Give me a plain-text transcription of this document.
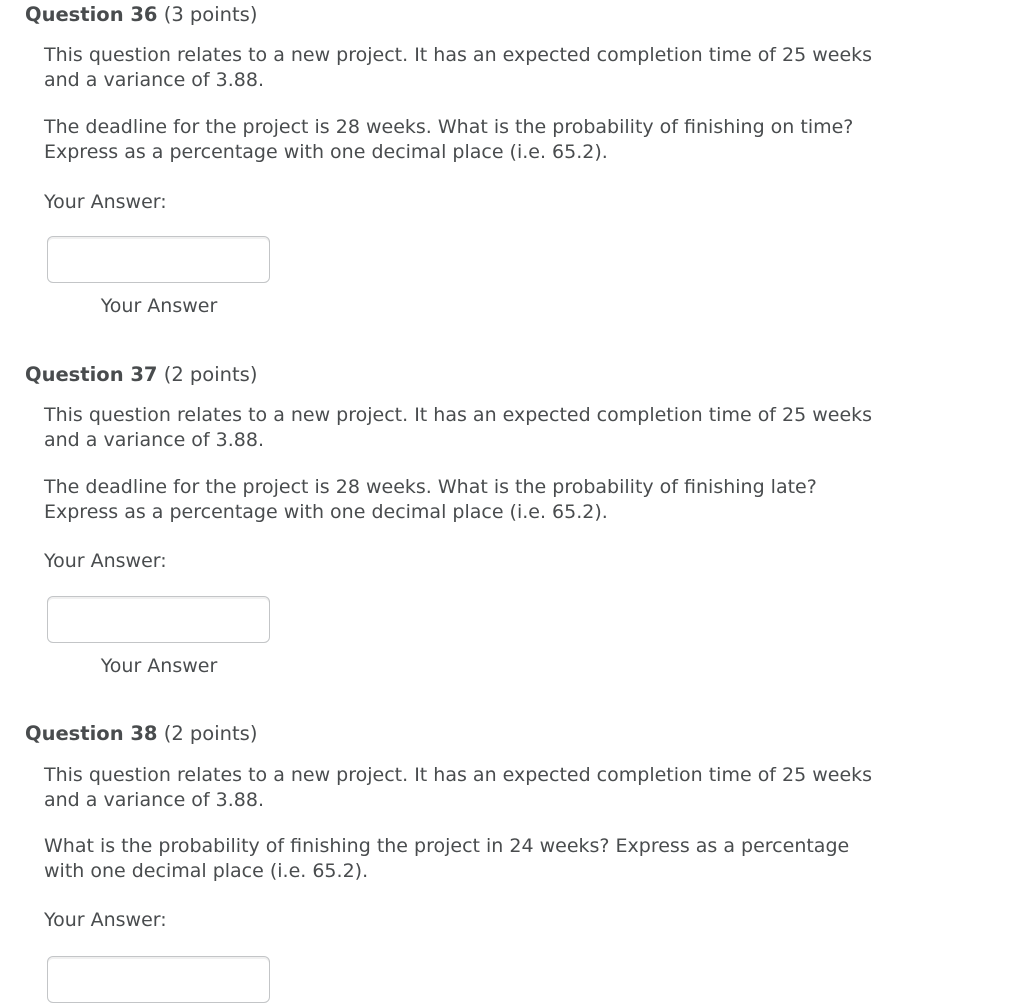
Question 36 (3 points)

This question relates to a new project. It has an expected completion time of 25 weeks and a variance of 3.88.

The deadline for the project is 28 weeks. What is the probability of finishing on time? Express as a percentage with one decimal place (i.e. 65.2).

Your Answer:
Your Answer
Question 37 (2 points)

This question relates to a new project. It has an expected completion time of 25 weeks and a variance of 3.88.

The deadline for the project is 28 weeks. What is the probability of finishing late? Express as a percentage with one decimal place (i.e. 65.2).

Your Answer:
Your Answer
Question 38 (2 points)

This question relates to a new project. It has an expected completion time of 25 weeks and a variance of 3.88.

What is the probability of finishing the project in 24 weeks? Express as a percentage with one decimal place (i.e. 65.2).

Your Answer:
